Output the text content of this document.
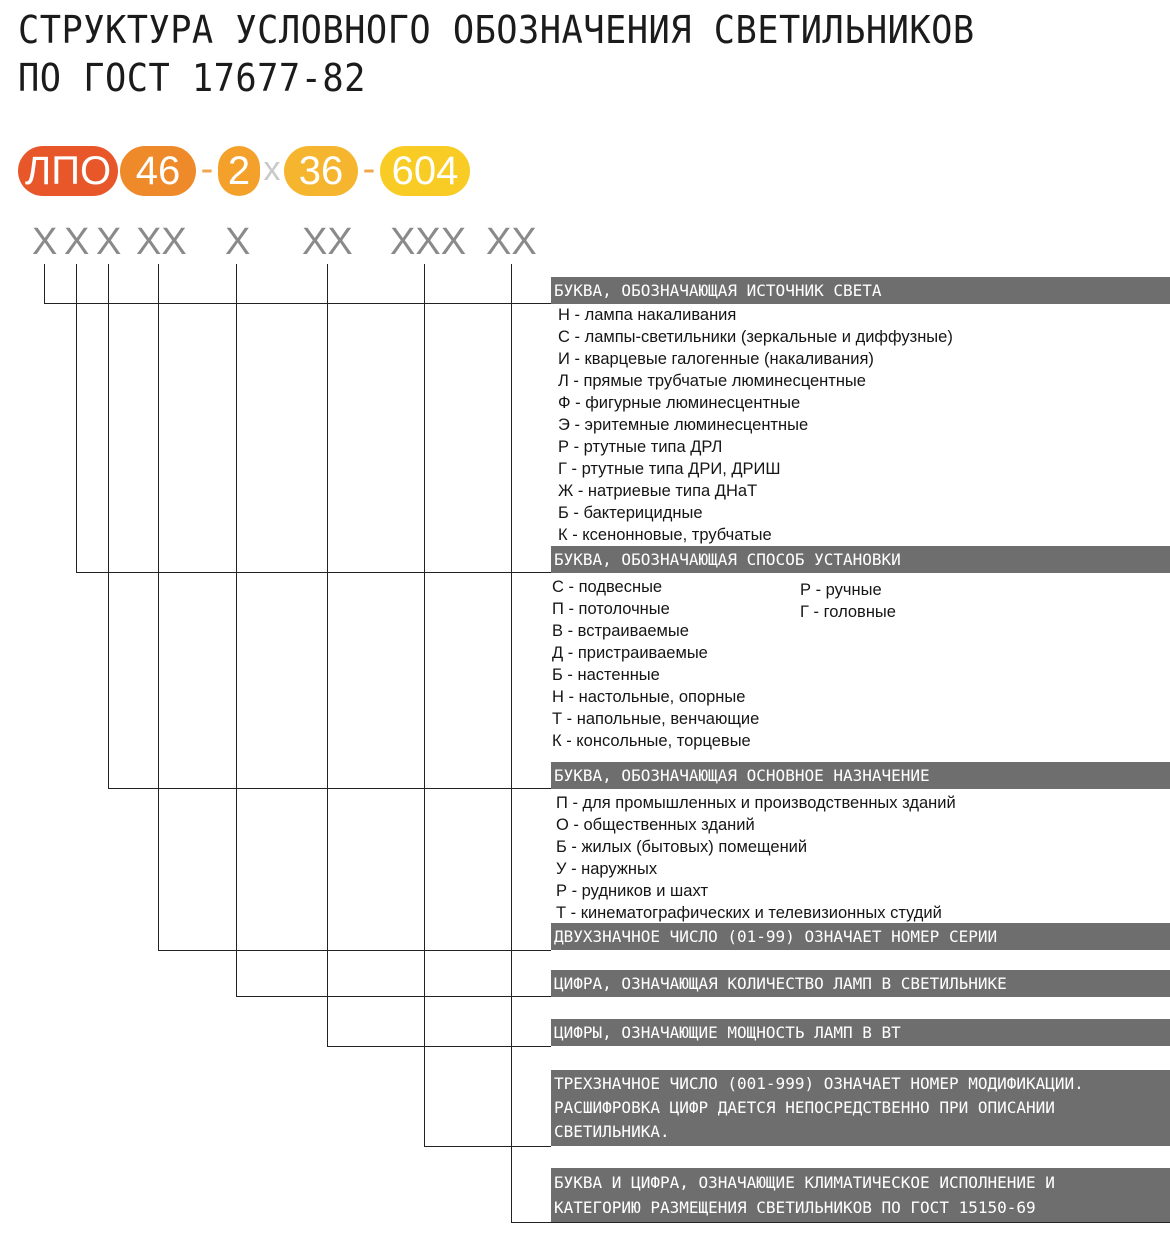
СТРУКТУРА УСЛОВНОГО ОБОЗНАЧЕНИЯ СВЕТИЛЬНИКОВ
ПО ГОСТ 17677-82
ЛПО 46 - 2 x 36 - 604
X X X XX X XX XXX XX
БУКВА, ОБОЗНАЧАЮЩАЯ ИСТОЧНИК СВЕТА
Н - лампа накаливания
С - лампы-светильники (зеркальные и диффузные)
И - кварцевые галогенные (накаливания)
Л - прямые трубчатые люминесцентные
Ф - фигурные люминесцентные
Э - эритемные люминесцентные
Р - ртутные типа ДРЛ
Г - ртутные типа ДРИ, ДРИШ
Ж - натриевые типа ДНаТ
Б - бактерицидные
К - ксенонновые, трубчатые
БУКВА, ОБОЗНАЧАЮЩАЯ СПОСОБ УСТАНОВКИ
С - подвесные
П - потолочные
В - встраиваемые
Д - пристраиваемые
Б - настенные
Н - настольные, опорные
Т - напольные, венчающие
К - консольные, торцевые
Р - ручные
Г - головные
БУКВА, ОБОЗНАЧАЮЩАЯ ОСНОВНОЕ НАЗНАЧЕНИЕ
П - для промышленных и производственных зданий
О - общественных зданий
Б - жилых (бытовых) помещений
У - наружных
Р - рудников и шахт
Т - кинематографических и телевизионных студий
ДВУХЗНАЧНОЕ ЧИСЛО (01-99) ОЗНАЧАЕТ НОМЕР СЕРИИ
ЦИФРА, ОЗНАЧАЮЩАЯ КОЛИЧЕСТВО ЛАМП В СВЕТИЛЬНИКЕ
ЦИФРЫ, ОЗНАЧАЮЩИЕ МОЩНОСТЬ ЛАМП В ВТ
ТРЕХЗНАЧНОЕ ЧИСЛО (001-999) ОЗНАЧАЕТ НОМЕР МОДИФИКАЦИИ.
РАСШИФРОВКА ЦИФР ДАЕТСЯ НЕПОСРЕДСТВЕННО ПРИ ОПИСАНИИ
СВЕТИЛЬНИКА.
БУКВА И ЦИФРА, ОЗНАЧАЮЩИЕ КЛИМАТИЧЕСКОЕ ИСПОЛНЕНИЕ И
КАТЕГОРИЮ РАЗМЕЩЕНИЯ СВЕТИЛЬНИКОВ ПО ГОСТ 15150-69
